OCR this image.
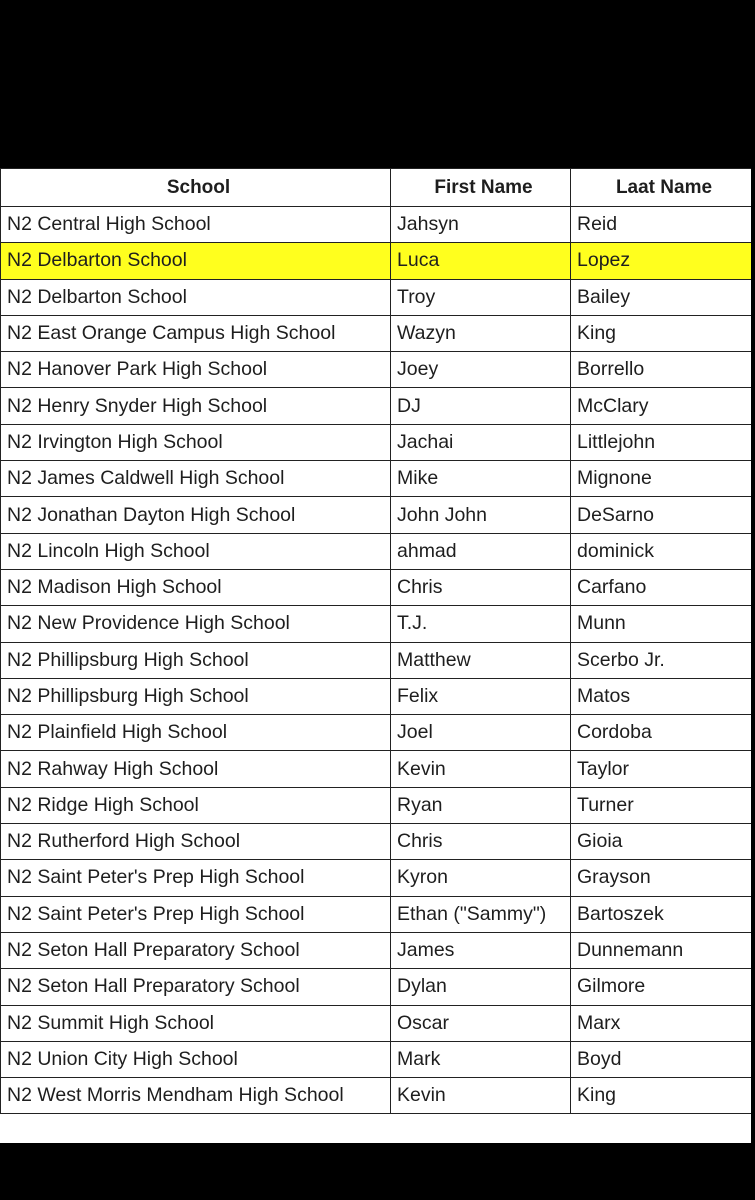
School	First Name	Laat Name
N2 Central High School	Jahsyn	Reid
N2 Delbarton School	Luca	Lopez
N2 Delbarton School	Troy	Bailey
N2 East Orange Campus High School	Wazyn	King
N2 Hanover Park High School	Joey	Borrello
N2 Henry Snyder High School	DJ	McClary
N2 Irvington High School	Jachai	Littlejohn
N2 James Caldwell High School	Mike	Mignone
N2 Jonathan Dayton High School	John John	DeSarno
N2 Lincoln High School	ahmad	dominick
N2 Madison High School	Chris	Carfano
N2 New Providence High School	T.J.	Munn
N2 Phillipsburg High School	Matthew	Scerbo Jr.
N2 Phillipsburg High School	Felix	Matos
N2 Plainfield High School	Joel	Cordoba
N2 Rahway High School	Kevin	Taylor
N2 Ridge High School	Ryan	Turner
N2 Rutherford High School	Chris	Gioia
N2 Saint Peter's Prep High School	Kyron	Grayson
N2 Saint Peter's Prep High School	Ethan ("Sammy")	Bartoszek
N2 Seton Hall Preparatory School	James	Dunnemann
N2 Seton Hall Preparatory School	Dylan	Gilmore
N2 Summit High School	Oscar	Marx
N2 Union City High School	Mark	Boyd
N2 West Morris Mendham High School	Kevin	King
